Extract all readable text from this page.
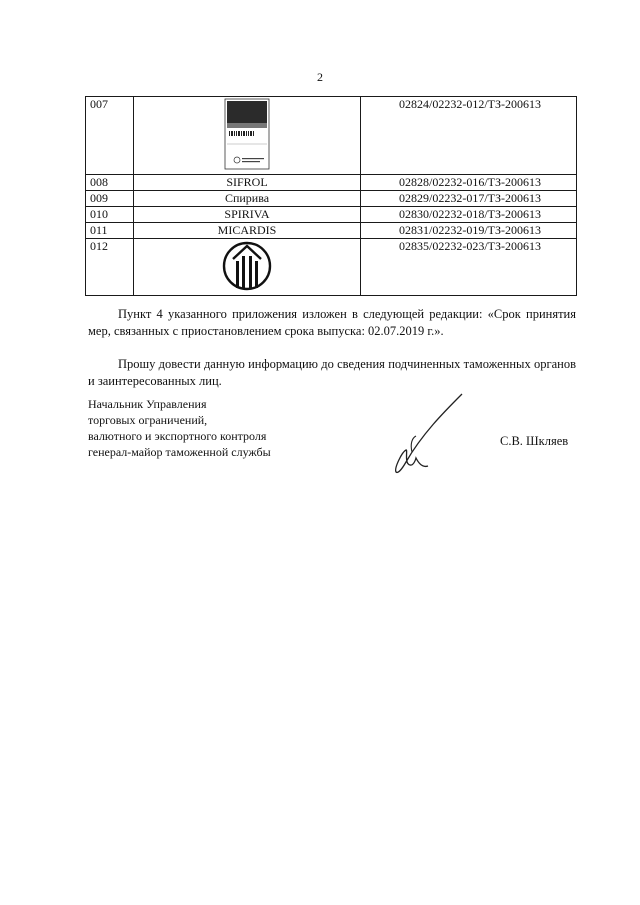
2
007		02824/02232-012/ТЗ-200613
008	SIFROL	02828/02232-016/ТЗ-200613
009	Спирива	02829/02232-017/ТЗ-200613
010	SPIRIVA	02830/02232-018/ТЗ-200613
011	MICARDIS	02831/02232-019/ТЗ-200613
012		02835/02232-023/ТЗ-200613
Пункт 4 указанного приложения изложен в следующей редакции: «Срок принятия мер, связанных с приостановлением срока выпуска: 02.07.2019 г.».
Прошу довести данную информацию до сведения подчиненных таможенных органов и заинтересованных лиц.
Начальник Управления
торговых ограничений,
валютного и экспортного контроля
генерал-майор таможенной службы
С.В. Шкляев
